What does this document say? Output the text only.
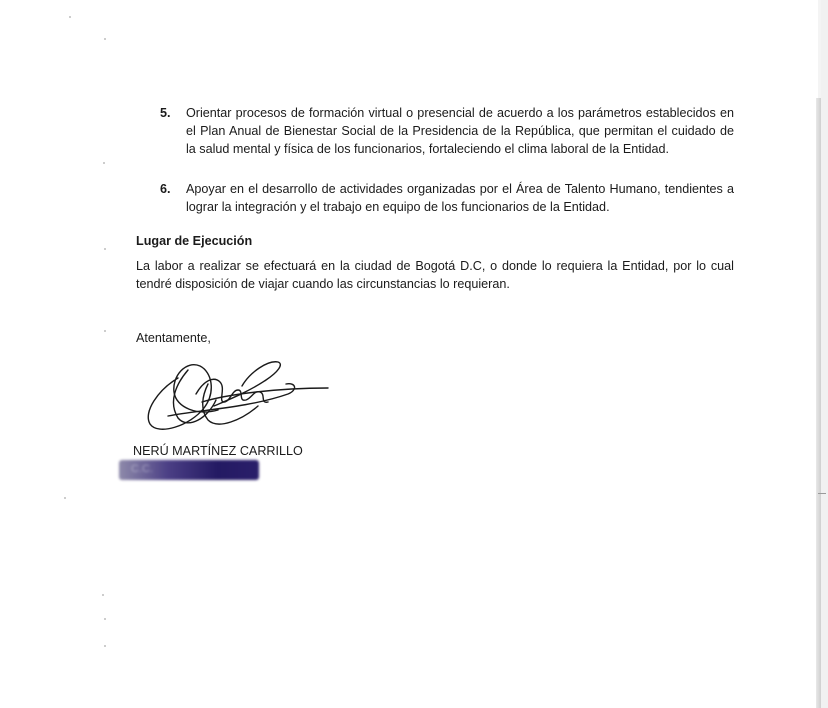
5. Orientar procesos de formación virtual o presencial de acuerdo a los parámetros establecidos en el Plan Anual de Bienestar Social de la Presidencia de la República, que permitan el cuidado de la salud mental y física de los funcionarios, fortaleciendo el clima laboral de la Entidad.
6. Apoyar en el desarrollo de actividades organizadas por el Área de Talento Humano, tendientes a lograr la integración y el trabajo en equipo de los funcionarios de la Entidad.
Lugar de Ejecución
La labor a realizar se efectuará en la ciudad de Bogotá D.C, o donde lo requiera la Entidad, por lo cual tendré disposición de viajar cuando las circunstancias lo requieran.
Atentamente,
NERÚ MARTÍNEZ CARRILLO
C.C.
